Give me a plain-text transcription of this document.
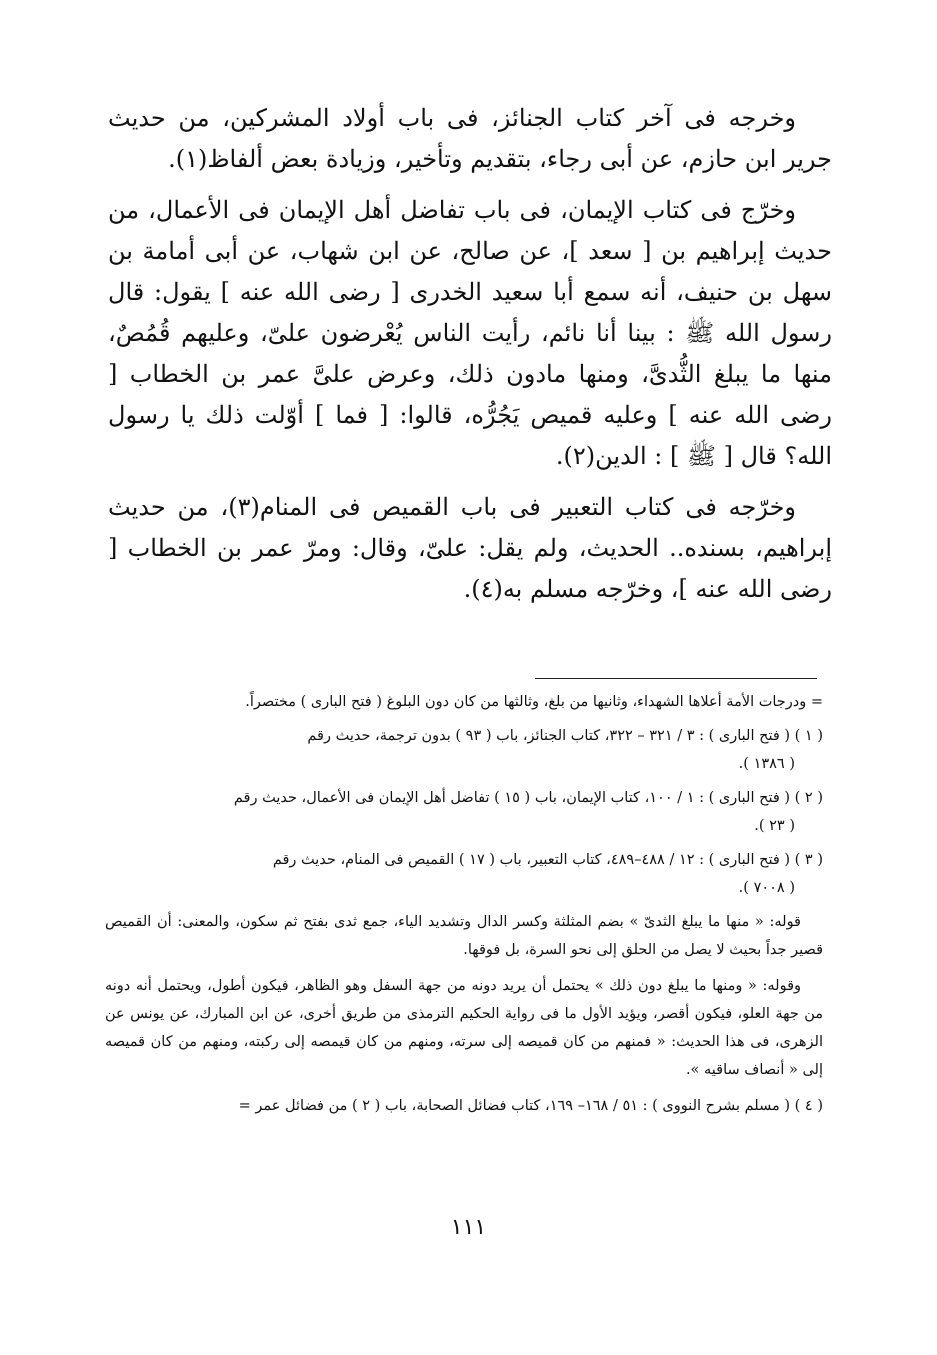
وخرجه فى آخر كتاب الجنائز، فى باب أولاد المشركين، من حديث جرير ابن حازم، عن أبى رجاء، بتقديم وتأخير، وزيادة بعض ألفاظ(١).

وخرّج فى كتاب الإيمان، فى باب تفاضل أهل الإيمان فى الأعمال، من حديث إبراهيم بن [ سعد ]، عن صالح، عن ابن شهاب، عن أبى أمامة بن سهل بن حنيف، أنه سمع أبا سعيد الخدرى [ رضى الله عنه ] يقول: قال رسول الله ﷺ : بينا أنا نائم، رأيت الناس يُعْرضون علىّ، وعليهم قُمُصٌ، منها ما يبلغ الثُّدىَّ، ومنها مادون ذلك، وعرض علىَّ عمر بن الخطاب [ رضى الله عنه ] وعليه قميص يَجُرُّه، قالوا: [ فما ] أوّلت ذلك يا رسول الله؟ قال [ ﷺ ] : الدين(٢).

وخرّجه فى كتاب التعبير فى باب القميص فى المنام(٣)، من حديث إبراهيم، بسنده.. الحديث، ولم يقل: علىّ، وقال: ومرّ عمر بن الخطاب [ رضى الله عنه ]، وخرّجه مسلم به(٤).

= ودرجات الأمة أعلاها الشهداء، وثانيها من بلغ، وثالثها من كان دون البلوغ ( فتح البارى ) مختصراً.
( ١ ) ( فتح البارى ) : ٣ / ٣٢١ – ٣٢٢، كتاب الجنائز، باب ( ٩٣ ) بدون ترجمة، حديث رقم
( ١٣٨٦ ).
( ٢ ) ( فتح البارى ) : ١ / ١٠٠، كتاب الإيمان، باب ( ١٥ ) تفاضل أهل الإيمان فى الأعمال، حديث رقم
( ٢٣ ).
( ٣ ) ( فتح البارى ) : ١٢ / ٤٨٨–٤٨٩، كتاب التعبير، باب ( ١٧ ) القميص فى المنام، حديث رقم
( ٧٠٠٨ ).
قوله: « منها ما يبلغ الثدىّ » بضم المثلثة وكسر الدال وتشديد الياء، جمع ثدى بفتح ثم سكون، والمعنى: أن القميص قصير جداً بحيث لا يصل من الحلق إلى نحو السرة، بل فوقها.
وقوله: « ومنها ما يبلغ دون ذلك » يحتمل أن يريد دونه من جهة السفل وهو الظاهر، فيكون أطول، ويحتمل أنه دونه من جهة العلو، فيكون أقصر، ويؤيد الأول ما فى رواية الحكيم الترمذى من طريق أخرى، عن ابن المبارك، عن يونس عن الزهرى، فى هذا الحديث: « فمنهم من كان قميصه إلى سرته، ومنهم من كان قيمصه إلى ركبته، ومنهم من كان قميصه إلى « أنصاف ساقيه ».
( ٤ ) ( مسلم بشرح النووى ) : ٥١ / ١٦٨– ١٦٩، كتاب فضائل الصحابة، باب ( ٢ ) من فضائل عمر =
١١١
